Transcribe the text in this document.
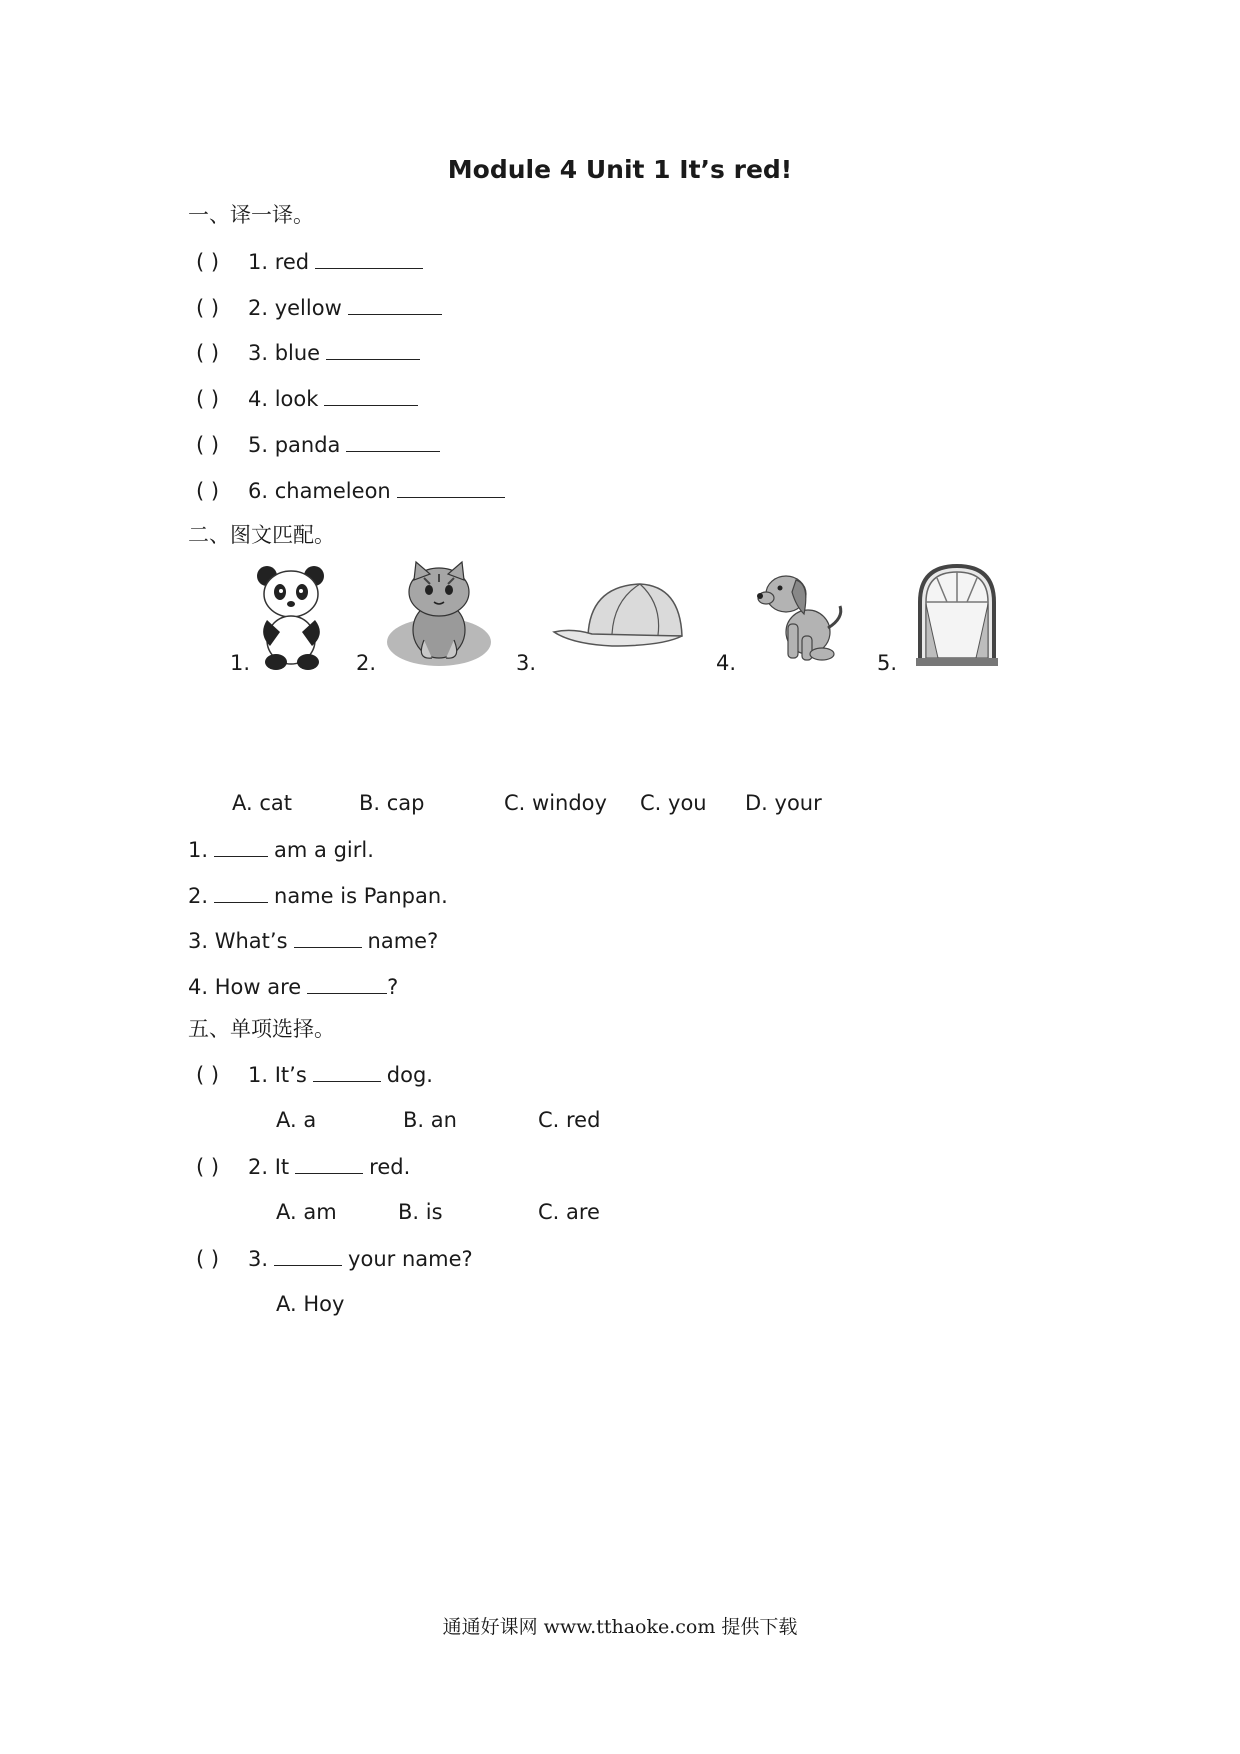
Module 4 Unit 1 It’s red!
一、译一译。
( ) 1. red
( ) 2. yellow
( ) 3. blue
( ) 4. look
( ) 5. panda
( ) 6. chameleon
二、图文匹配。
1.	2.	3.	4.	5.
A. cat	B. cap	C. windoy C. you D. your
1.	am a girl.
2.	name is Panpan.
3. What’s	name?
4. How are	?
五、单项选择。
( ) 1. It’s	dog.
A. a	B. an	C. red
( ) 2. It	red.
A. am	B. is	C. are
( ) 3.	your name?
A. Hoy
通通好课网 www.tthaoke.com 提供下载
